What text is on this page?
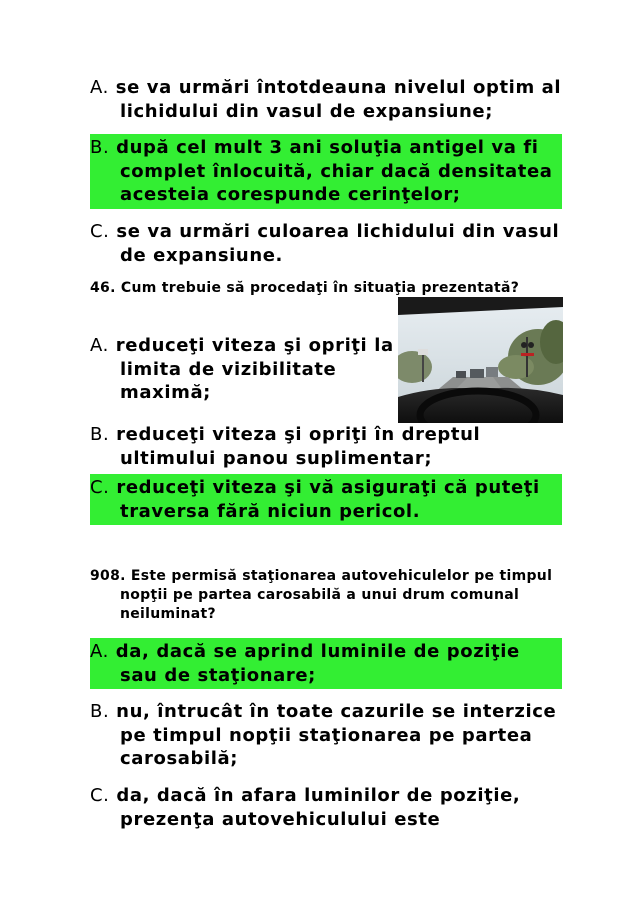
A. se va urmări întotdeauna nivelul optim al lichidului din vasul de expansiune;
B. după cel mult 3 ani soluţia antigel va fi complet înlocuită, chiar dacă densitatea acesteia corespunde cerinţelor;
C. se va urmări culoarea lichidului din vasul de expansiune.
46. Cum trebuie să procedaţi în situaţia prezentată?
A. reduceţi viteza şi opriţi la limita de vizibilitate maximă;
B. reduceţi viteza şi opriţi în dreptul ultimului panou suplimentar;
C. reduceţi viteza şi vă asiguraţi că puteţi traversa fără niciun pericol.
908. Este permisă staţionarea autovehiculelor pe timpul nopţii pe partea carosabilă a unui drum comunal neiluminat?
A. da, dacă se aprind luminile de poziţie sau de staţionare;
B. nu, întrucât în toate cazurile se interzice pe timpul nopţii staţionarea pe partea carosabilă;
C. da, dacă în afara luminilor de poziţie, prezenţa autovehiculului este
